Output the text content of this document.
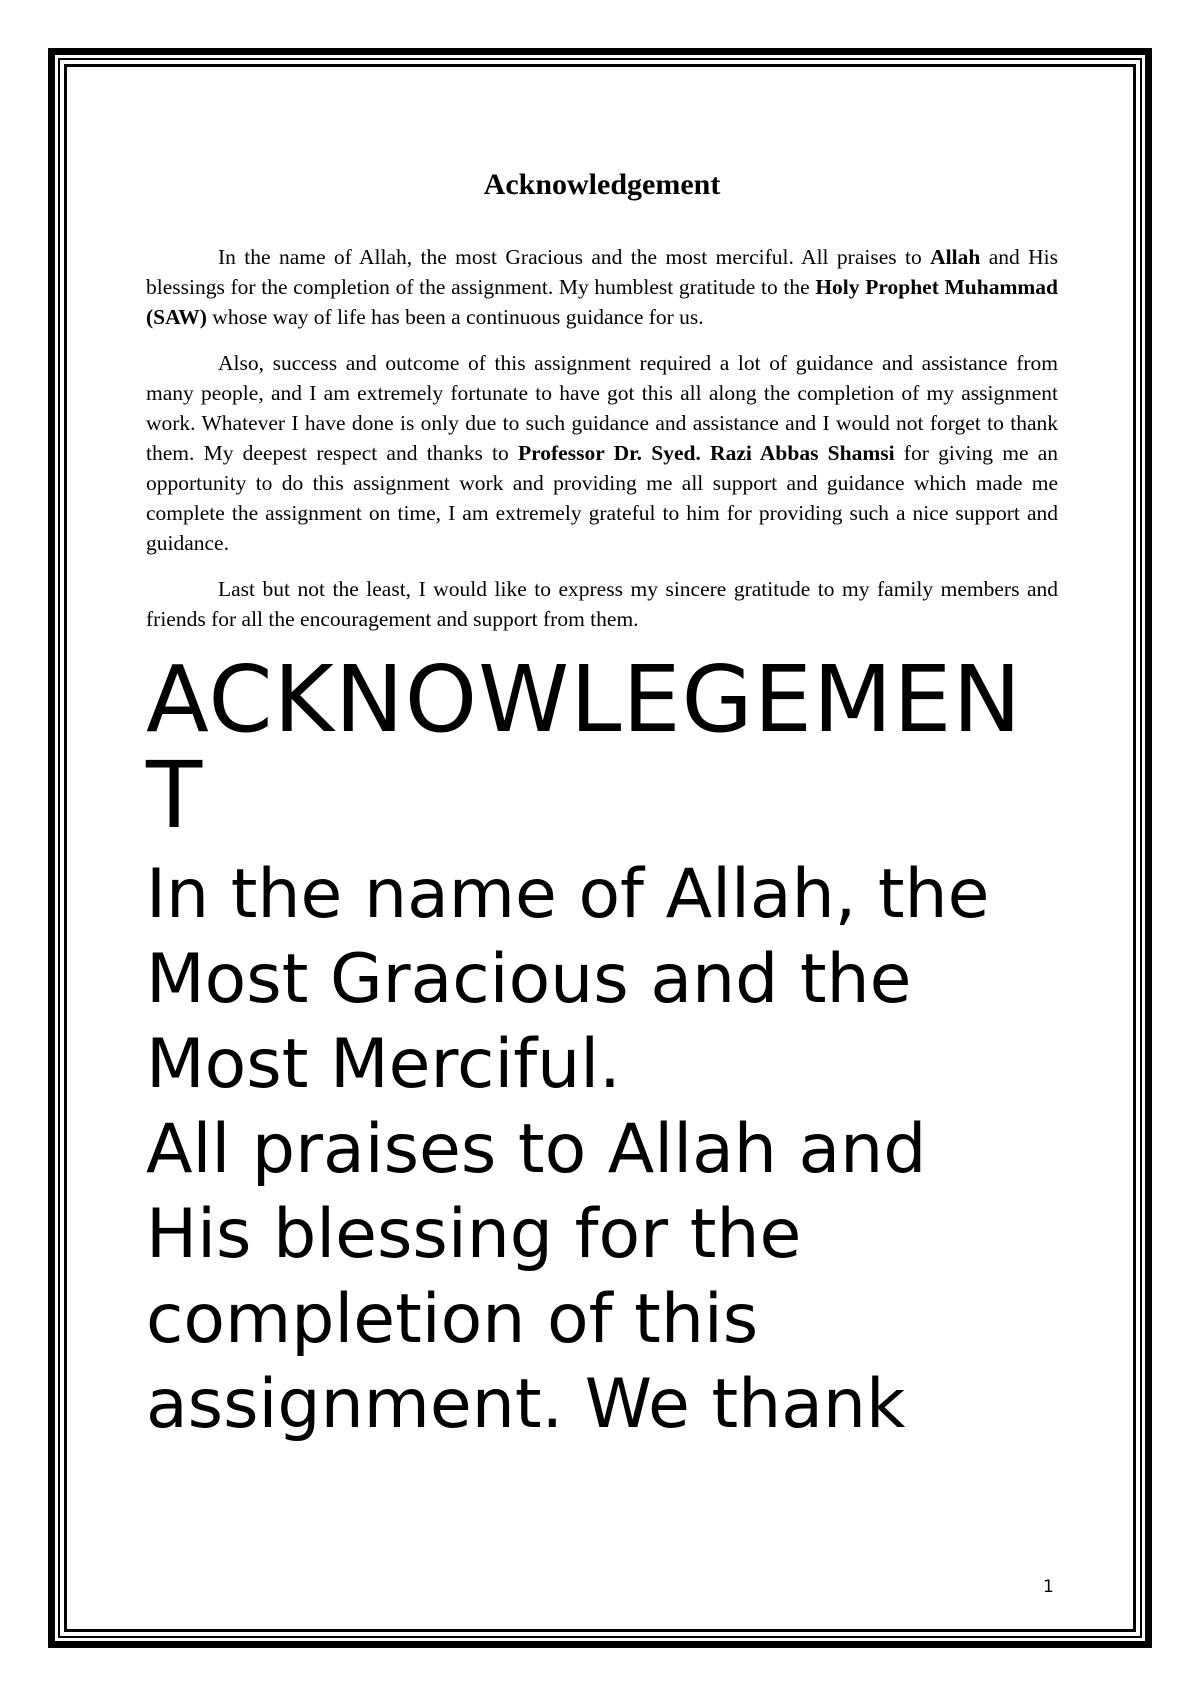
Acknowledgement

In the name of Allah, the most Gracious and the most merciful. All praises to Allah and His blessings for the completion of the assignment. My humblest gratitude to the Holy Prophet Muhammad (SAW) whose way of life has been a continuous guidance for us.

Also, success and outcome of this assignment required a lot of guidance and assistance from many people, and I am extremely fortunate to have got this all along the completion of my assignment work. Whatever I have done is only due to such guidance and assistance and I would not forget to thank them. My deepest respect and thanks to Professor Dr. Syed. Razi Abbas Shamsi for giving me an opportunity to do this assignment work and providing me all support and guidance which made me complete the assignment on time, I am extremely grateful to him for providing such a nice support and guidance.

Last but not the least, I would like to express my sincere gratitude to my family members and friends for all the encouragement and support from them.

ACKNOWLEGEMENT
In the name of Allah, the
Most Gracious and the
Most Merciful.
All praises to Allah and
His blessing for the
completion of this
assignment. We thank
1
